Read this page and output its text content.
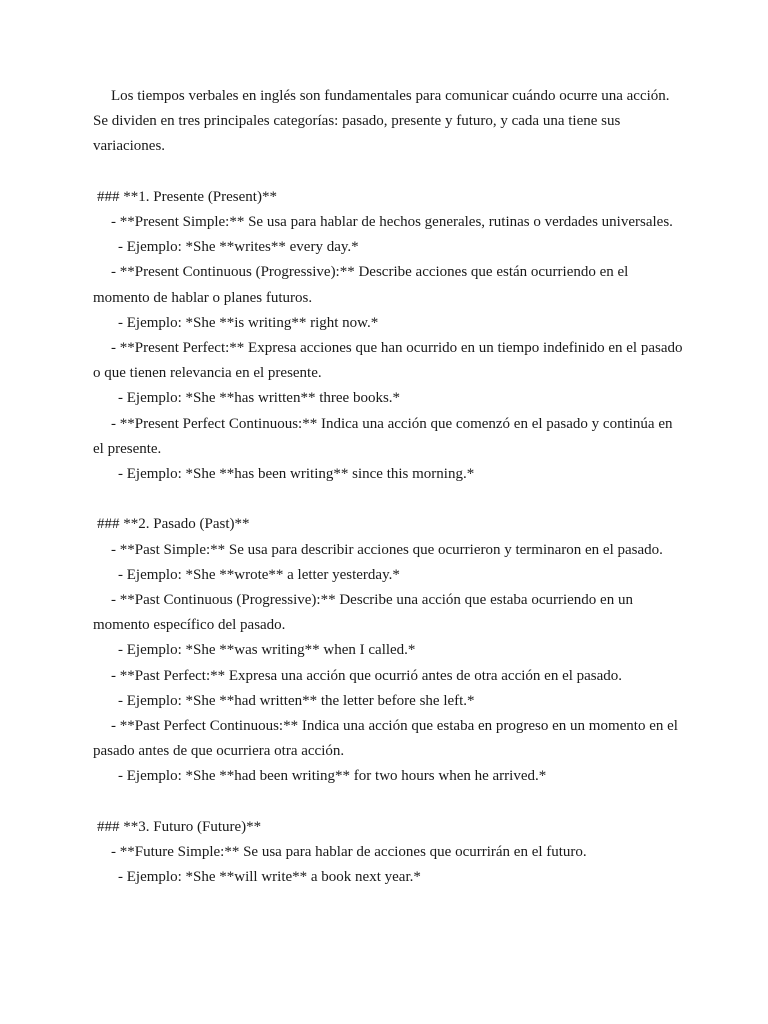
Los tiempos verbales en inglés son fundamentales para comunicar cuándo ocurre una acción. Se dividen en tres principales categorías: pasado, presente y futuro, y cada una tiene sus variaciones.

### **1. Presente (Present)**

- **Present Simple:** Se usa para hablar de hechos generales, rutinas o verdades universales.

- Ejemplo: *She **writes** every day.*

- **Present Continuous (Progressive):** Describe acciones que están ocurriendo en el momento de hablar o planes futuros.

- Ejemplo: *She **is writing** right now.*

- **Present Perfect:** Expresa acciones que han ocurrido en un tiempo indefinido en el pasado o que tienen relevancia en el presente.

- Ejemplo: *She **has written** three books.*

- **Present Perfect Continuous:** Indica una acción que comenzó en el pasado y continúa en el presente.

- Ejemplo: *She **has been writing** since this morning.*

### **2. Pasado (Past)**

- **Past Simple:** Se usa para describir acciones que ocurrieron y terminaron en el pasado.

- Ejemplo: *She **wrote** a letter yesterday.*

- **Past Continuous (Progressive):** Describe una acción que estaba ocurriendo en un momento específico del pasado.

- Ejemplo: *She **was writing** when I called.*

- **Past Perfect:** Expresa una acción que ocurrió antes de otra acción en el pasado.

- Ejemplo: *She **had written** the letter before she left.*

- **Past Perfect Continuous:** Indica una acción que estaba en progreso en un momento en el pasado antes de que ocurriera otra acción.

- Ejemplo: *She **had been writing** for two hours when he arrived.*

### **3. Futuro (Future)**

- **Future Simple:** Se usa para hablar de acciones que ocurrirán en el futuro.

- Ejemplo: *She **will write** a book next year.*
